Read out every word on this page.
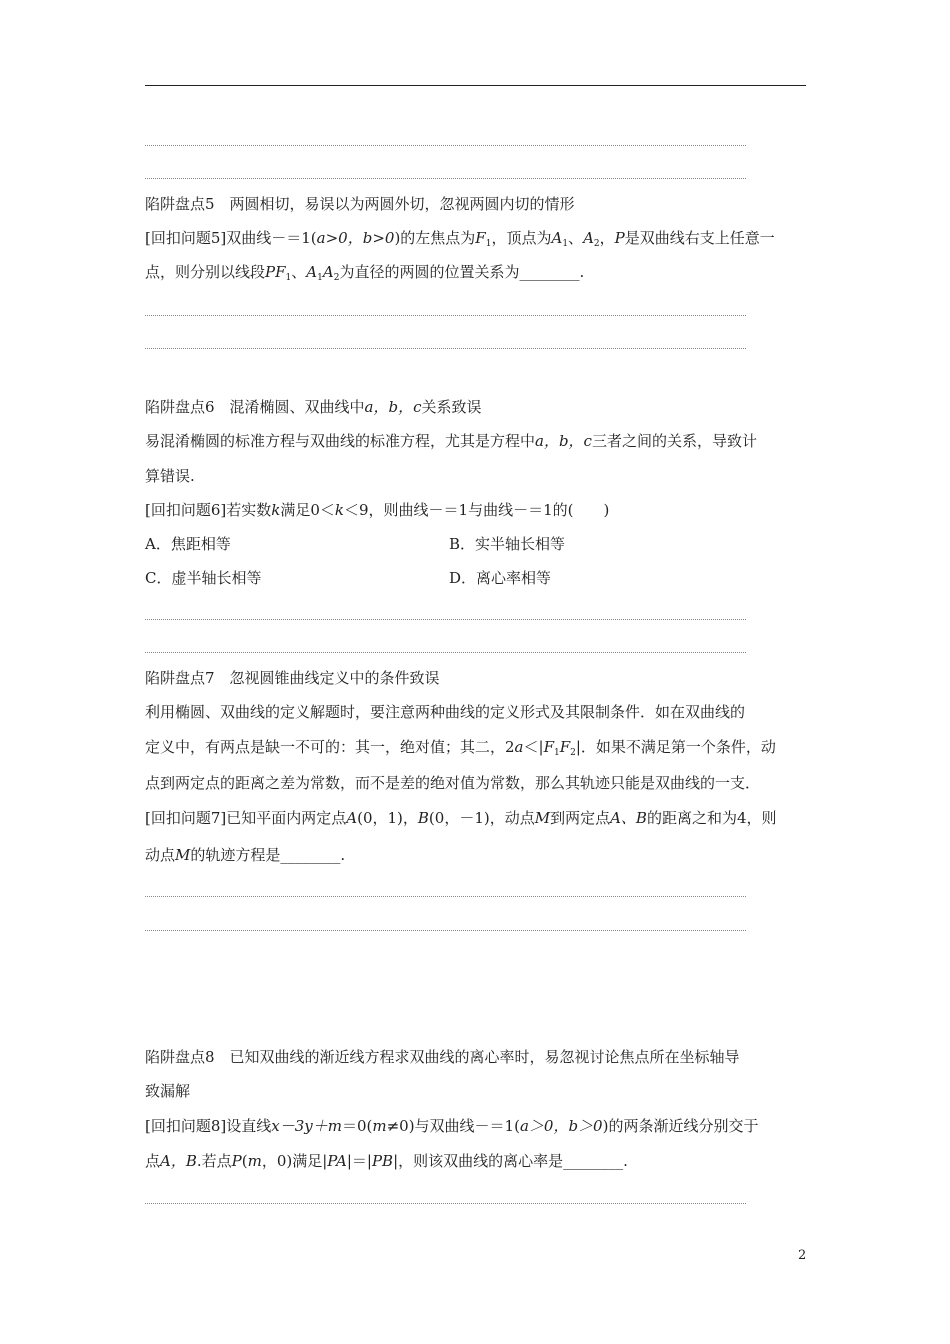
陷阱盘点5　两圆相切，易误以为两圆外切，忽视两圆内切的情形
[回扣问题5]双曲线－＝1(a>0，b>0)的左焦点为$F_1$，顶点为$A_1$、$A_2$，P是双曲线右支上任意一
点，则分别以线段$PF_1$、$A_1A_2$为直径的两圆的位置关系为________.
陷阱盘点6　混淆椭圆、双曲线中a，b，c关系致误
易混淆椭圆的标准方程与双曲线的标准方程，尤其是方程中a，b，c三者之间的关系，导致计
算错误.
[回扣问题6]若实数k满足0＜k＜9，则曲线－＝1与曲线－＝1的(　　)
A．焦距相等	B．实半轴长相等
C．虚半轴长相等	D．离心率相等
陷阱盘点7　忽视圆锥曲线定义中的条件致误
利用椭圆、双曲线的定义解题时，要注意两种曲线的定义形式及其限制条件．如在双曲线的
定义中，有两点是缺一不可的：其一，绝对值；其二，$2a<|F_1F_2|$．如果不满足第一个条件，动
点到两定点的距离之差为常数，而不是差的绝对值为常数，那么其轨迹只能是双曲线的一支．
[回扣问题7]已知平面内两定点A(0，1)，B(0，－1)，动点M到两定点A、B的距离之和为4，则
动点M的轨迹方程是________.
陷阱盘点8　已知双曲线的渐近线方程求双曲线的离心率时，易忽视讨论焦点所在坐标轴导
致漏解
[回扣问题8]设直线x－3y＋m＝0(m≠0)与双曲线－＝1(a＞0，b＞0)的两条渐近线分别交于
点A，B.若点P(m，0)满足|PA|＝|PB|，则该双曲线的离心率是________.
2
